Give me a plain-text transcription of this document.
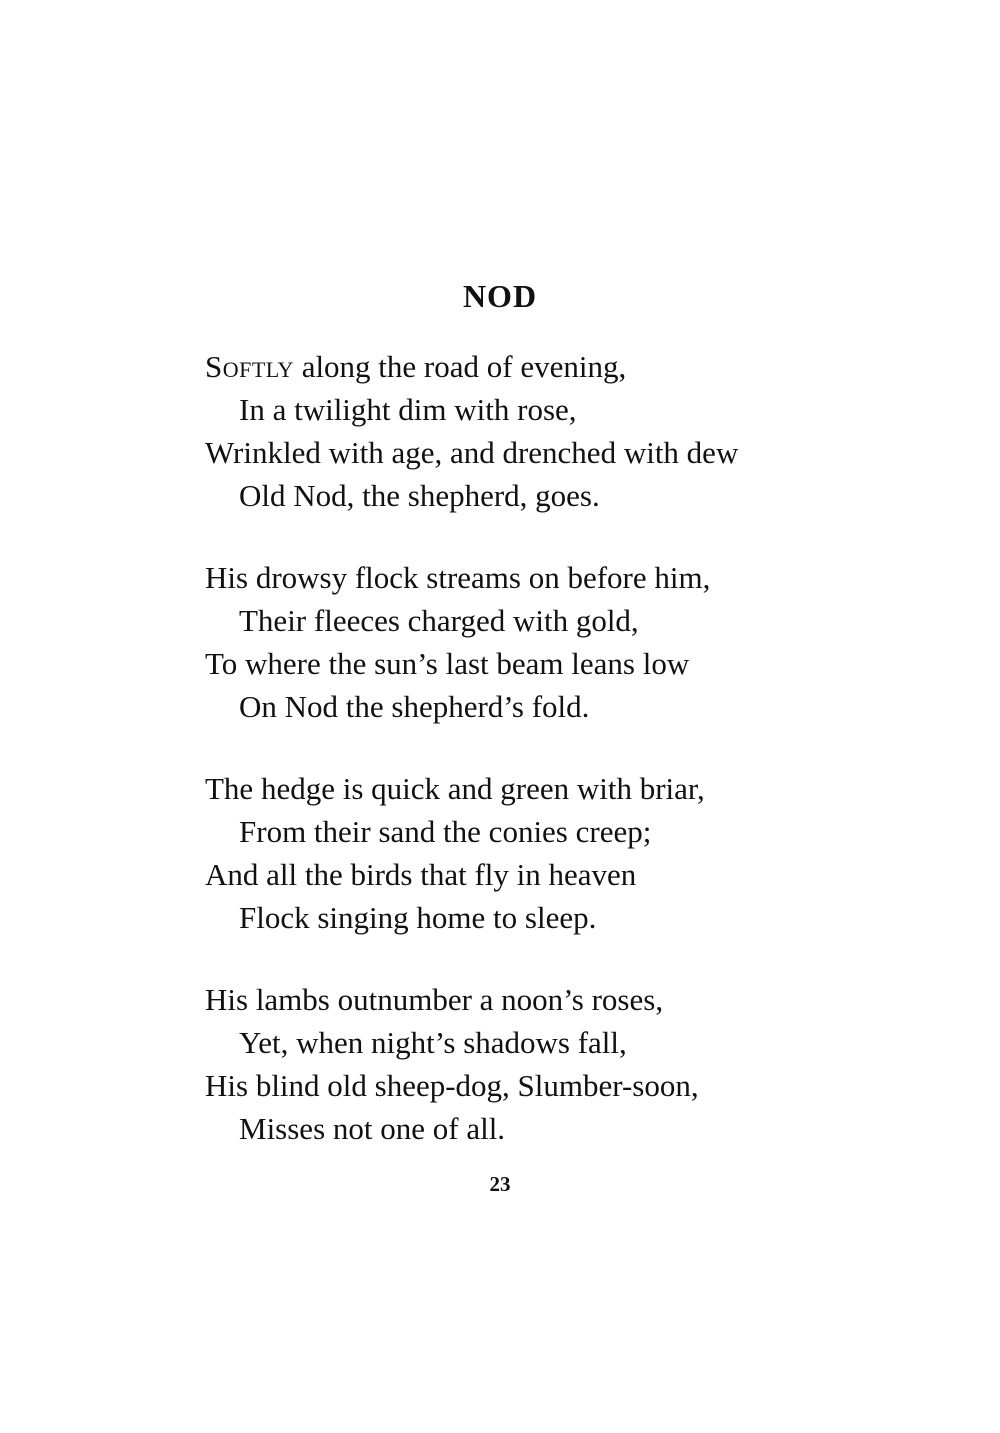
NOD
Softly along the road of evening,
In a twilight dim with rose,
Wrinkled with age, and drenched with dew
Old Nod, the shepherd, goes.
His drowsy flock streams on before him,
Their fleeces charged with gold,
To where the sun’s last beam leans low
On Nod the shepherd’s fold.
The hedge is quick and green with briar,
From their sand the conies creep;
And all the birds that fly in heaven
Flock singing home to sleep.
His lambs outnumber a noon’s roses,
Yet, when night’s shadows fall,
His blind old sheep-dog, Slumber-soon,
Misses not one of all.
23
